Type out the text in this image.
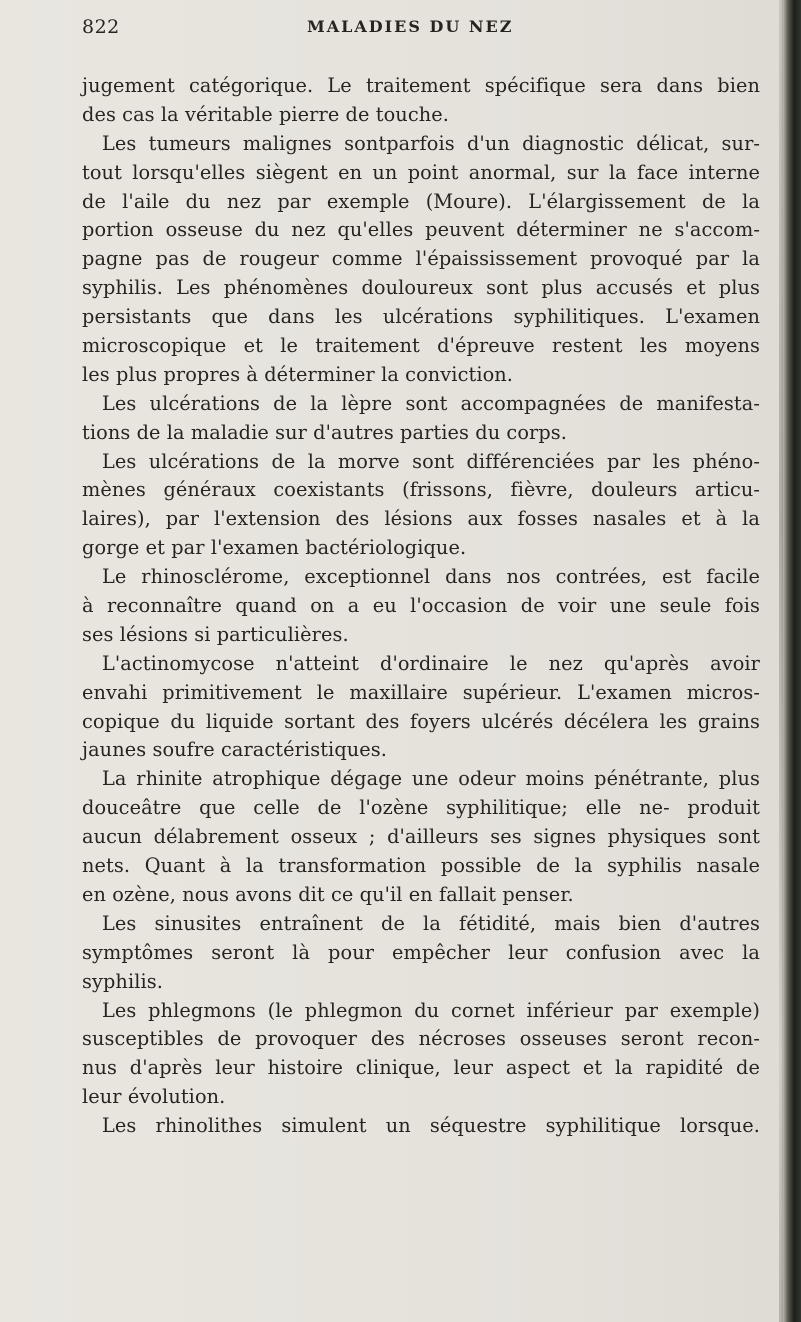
822	MALADIES DU NEZ
jugement catégorique. Le traitement spécifique sera dans bien
des cas la véritable pierre de touche.
Les tumeurs malignes sontparfois d'un diagnostic délicat, sur-
tout lorsqu'elles siègent en un point anormal, sur la face interne
de l'aile du nez par exemple (Moure). L'élargissement de la
portion osseuse du nez qu'elles peuvent déterminer ne s'accom-
pagne pas de rougeur comme l'épaississement provoqué par la
syphilis. Les phénomènes douloureux sont plus accusés et plus
persistants que dans les ulcérations syphilitiques. L'examen
microscopique et le traitement d'épreuve restent les moyens
les plus propres à déterminer la conviction.
Les ulcérations de la lèpre sont accompagnées de manifesta-
tions de la maladie sur d'autres parties du corps.
Les ulcérations de la morve sont différenciées par les phéno-
mènes généraux coexistants (frissons, fièvre, douleurs articu-
laires), par l'extension des lésions aux fosses nasales et à la
gorge et par l'examen bactériologique.
Le rhinosclérome, exceptionnel dans nos contrées, est facile
à reconnaître quand on a eu l'occasion de voir une seule fois
ses lésions si particulières.
L'actinomycose n'atteint d'ordinaire le nez qu'après avoir
envahi primitivement le maxillaire supérieur. L'examen micros-
copique du liquide sortant des foyers ulcérés décélera les grains
jaunes soufre caractéristiques.
La rhinite atrophique dégage une odeur moins pénétrante, plus
douceâtre que celle de l'ozène syphilitique; elle ne- produit
aucun délabrement osseux ; d'ailleurs ses signes physiques sont
nets. Quant à la transformation possible de la syphilis nasale
en ozène, nous avons dit ce qu'il en fallait penser.
Les sinusites entraînent de la fétidité, mais bien d'autres
symptômes seront là pour empêcher leur confusion avec la
syphilis.
Les phlegmons (le phlegmon du cornet inférieur par exemple)
susceptibles de provoquer des nécroses osseuses seront recon-
nus d'après leur histoire clinique, leur aspect et la rapidité de
leur évolution.
Les rhinolithes simulent un séquestre syphilitique lorsque.
